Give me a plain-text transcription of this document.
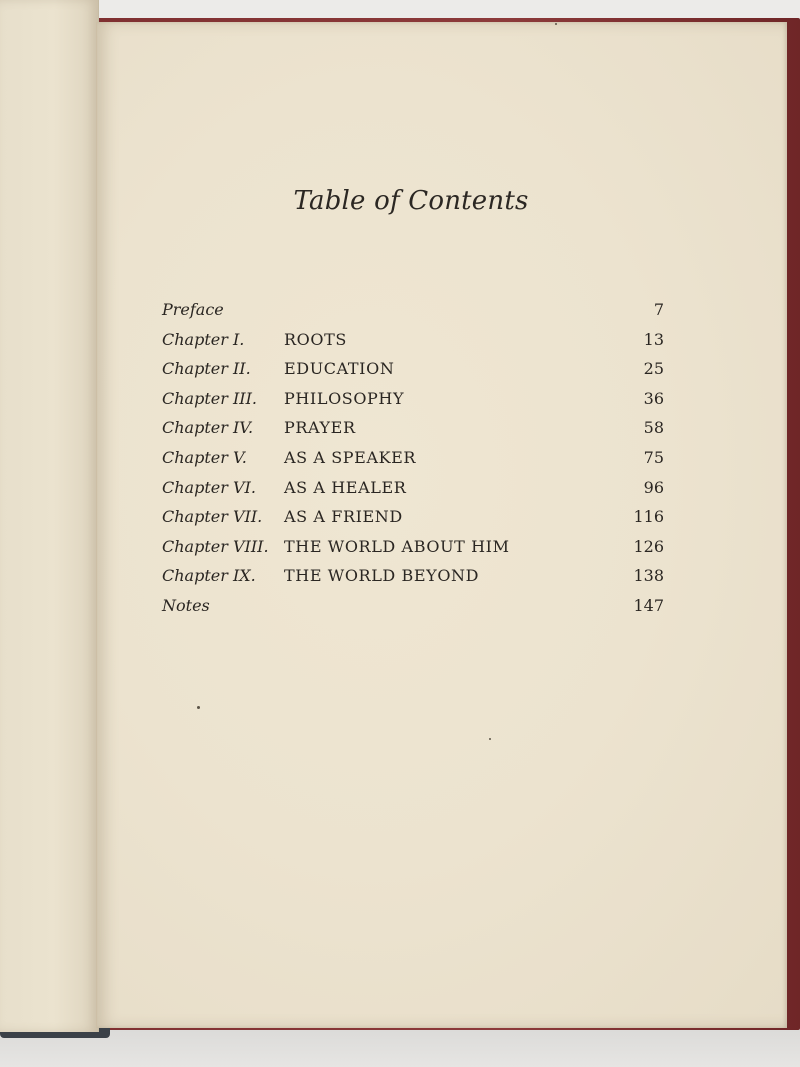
Table of Contents
Preface	7
Chapter I. ROOTS	13
Chapter II. EDUCATION	25
Chapter III. PHILOSOPHY	36
Chapter IV. PRAYER	58
Chapter V. AS A SPEAKER	75
Chapter VI. AS A HEALER	96
Chapter VII. AS A FRIEND	116
Chapter VIII. THE WORLD ABOUT HIM	126
Chapter IX. THE WORLD BEYOND	138
Notes	147
